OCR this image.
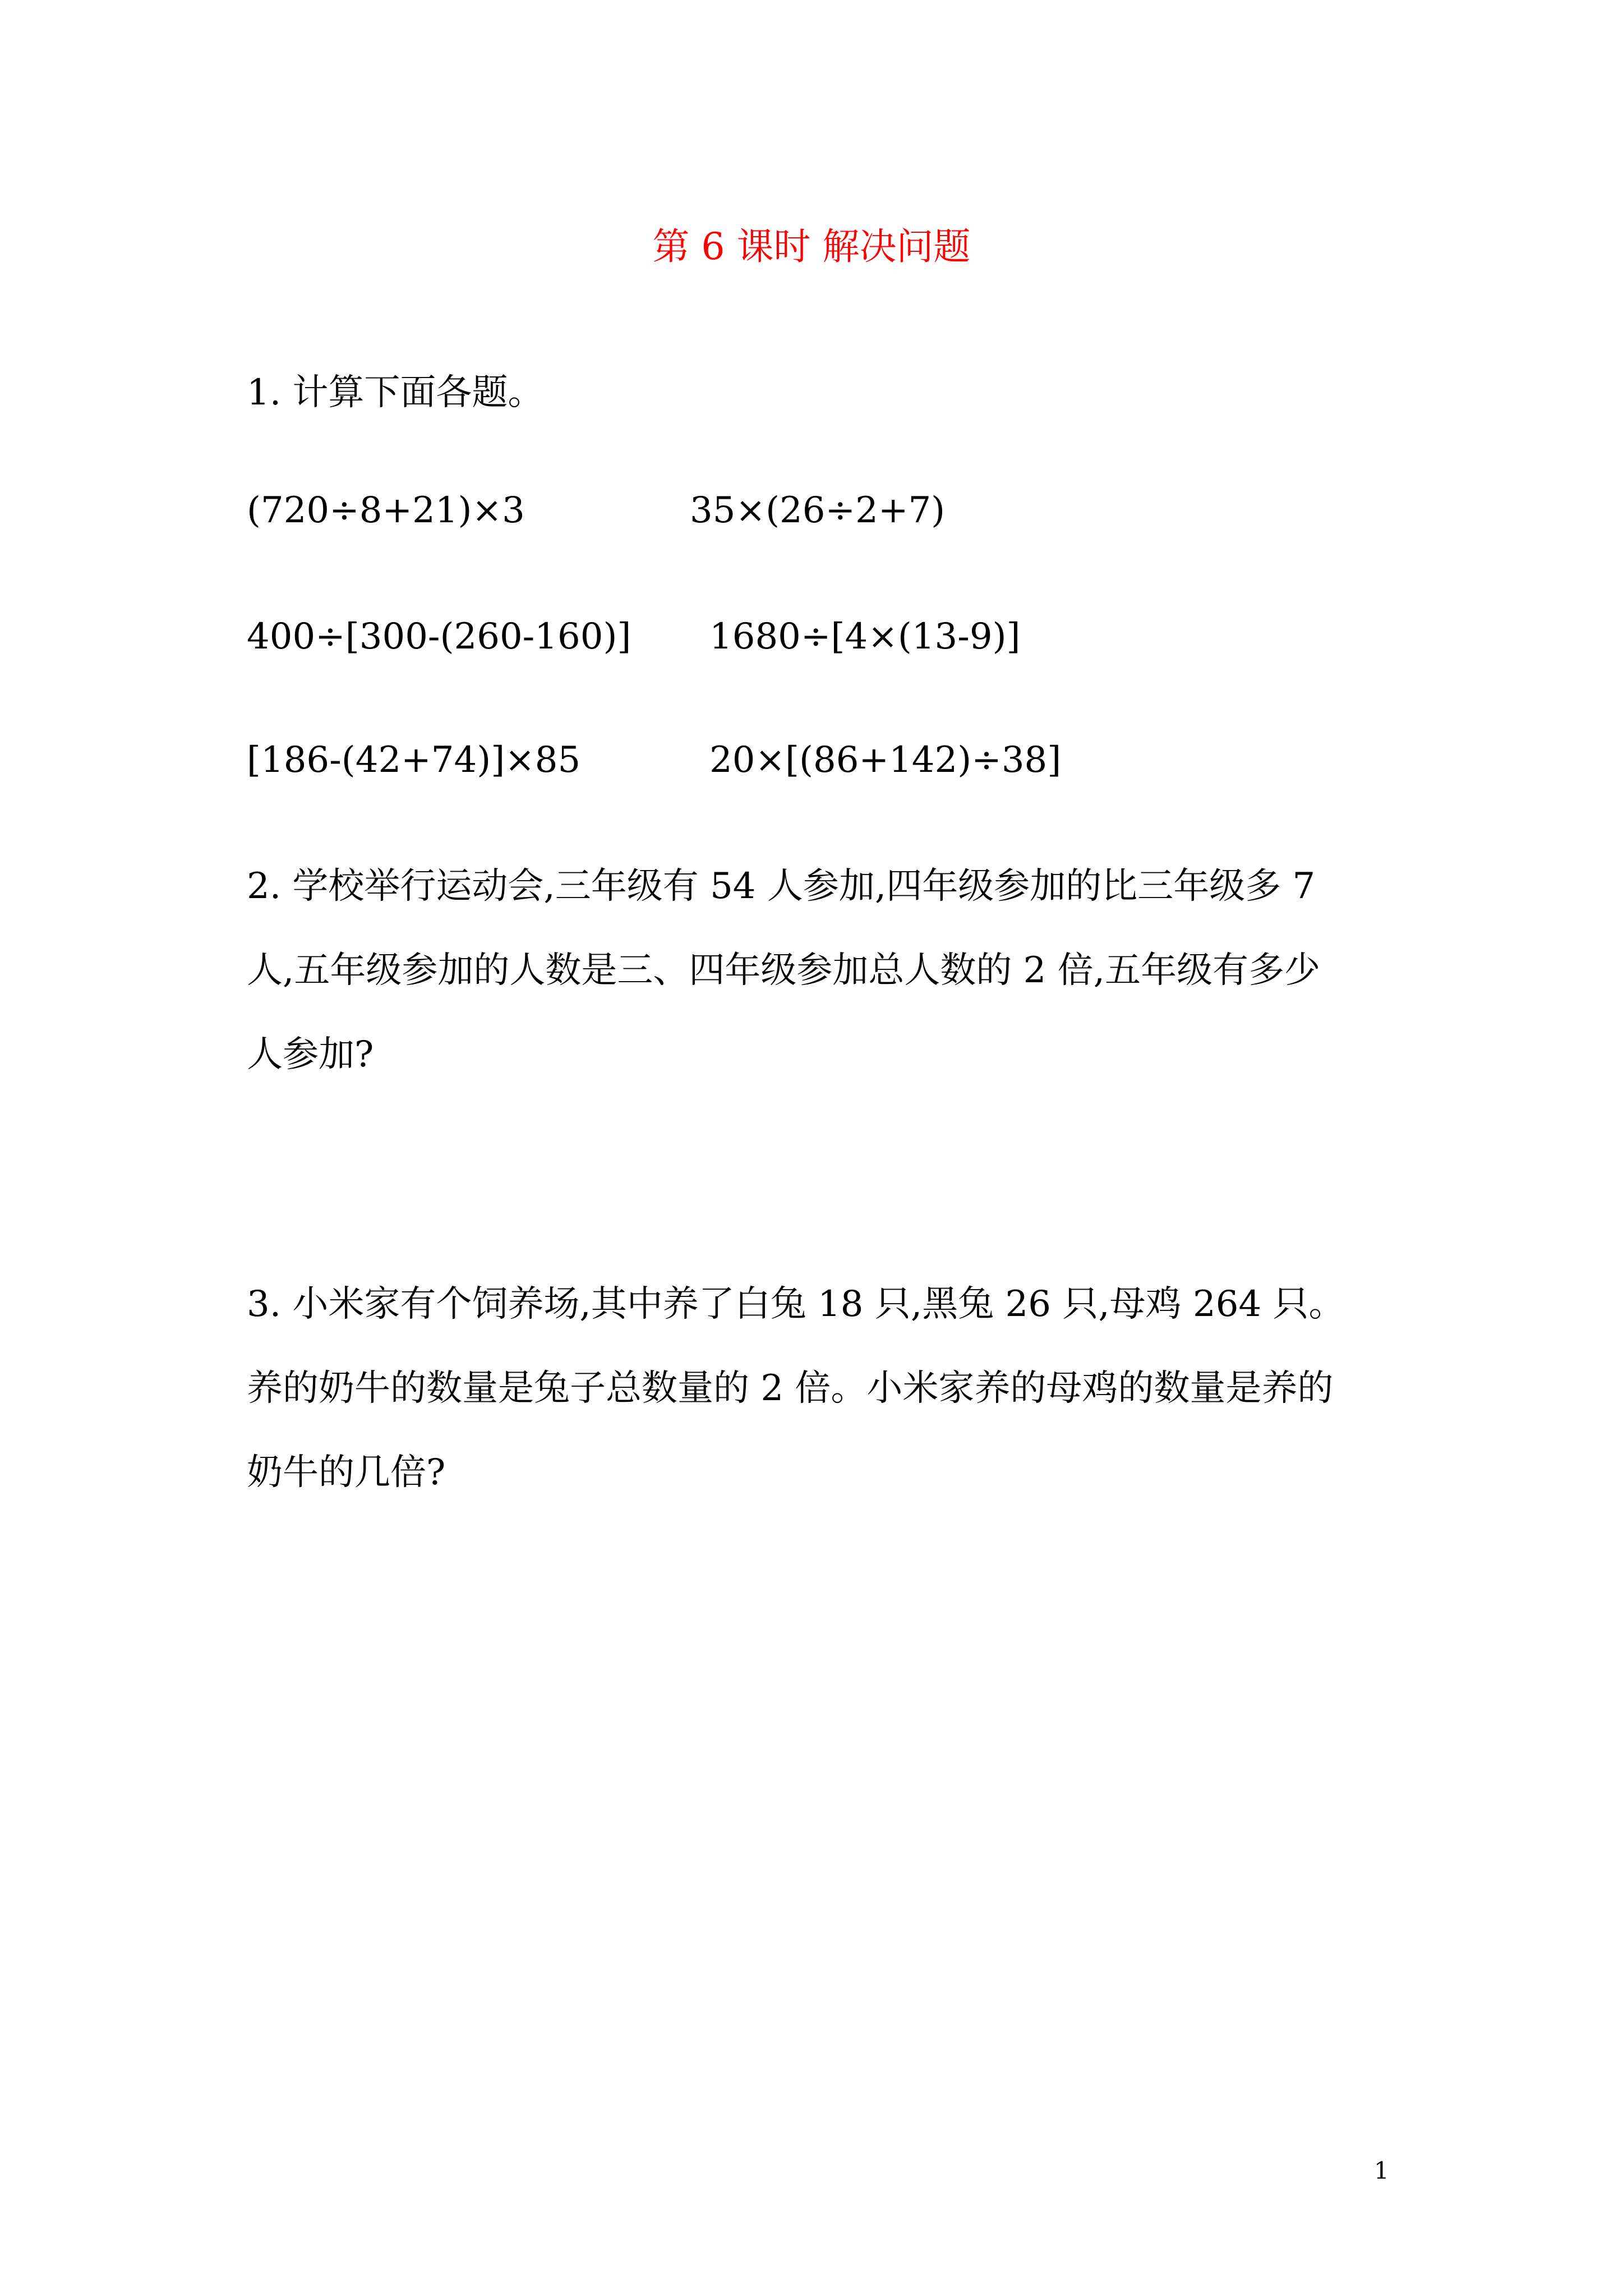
第 6 课时 解决问题
1. 计算下面各题。
(720÷8+21)×3	35×(26÷2+7)
400÷[300-(260-160)] 1680÷[4×(13-9)]
[186-(42+74)]×85	20×[(86+142)÷38]
2. 学校举行运动会,三年级有 54 人参加,四年级参加的比三年级多 7
人,五年级参加的人数是三、四年级参加总人数的 2 倍,五年级有多少
人参加?
3. 小米家有个饲养场,其中养了白兔 18 只,黑兔 26 只,母鸡 264 只。
养的奶牛的数量是兔子总数量的 2 倍。小米家养的母鸡的数量是养的
奶牛的几倍?
1
